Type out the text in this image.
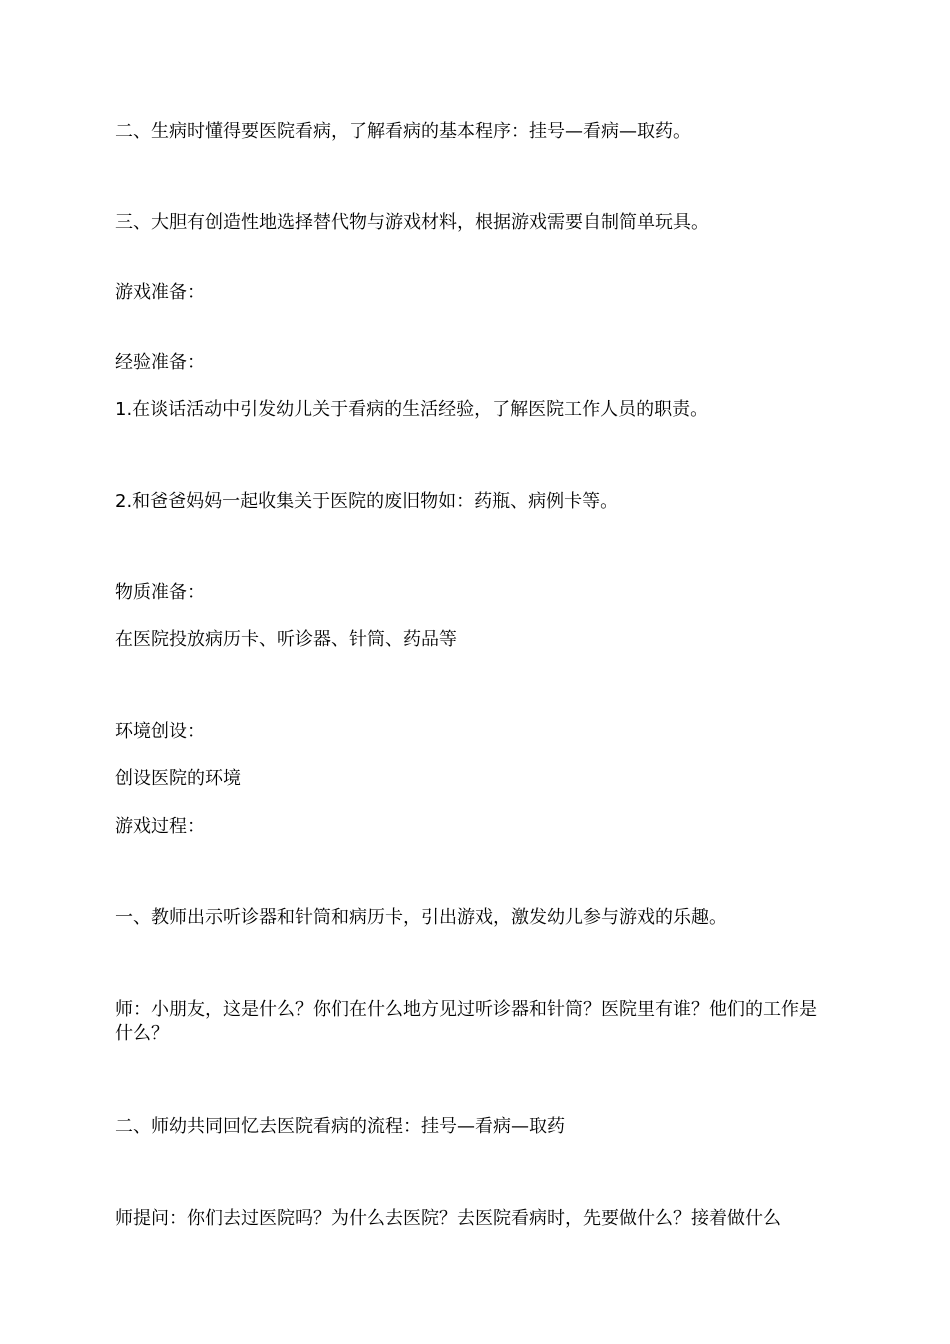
二、生病时懂得要医院看病，了解看病的基本程序：挂号—看病—取药。

三、大胆有创造性地选择替代物与游戏材料，根据游戏需要自制简单玩具。

游戏准备：

经验准备：

1.在谈话活动中引发幼儿关于看病的生活经验，了解医院工作人员的职责。

2.和爸爸妈妈一起收集关于医院的废旧物如：药瓶、病例卡等。

物质准备：

在医院投放病历卡、听诊器、针筒、药品等

环境创设：

创设医院的环境

游戏过程：

一、教师出示听诊器和针筒和病历卡，引出游戏，激发幼儿参与游戏的乐趣。

师：小朋友，这是什么？你们在什么地方见过听诊器和针筒？医院里有谁？他们的工作是什么？

二、师幼共同回忆去医院看病的流程：挂号—看病—取药

师提问：你们去过医院吗？为什么去医院？去医院看病时，先要做什么？接着做什么
